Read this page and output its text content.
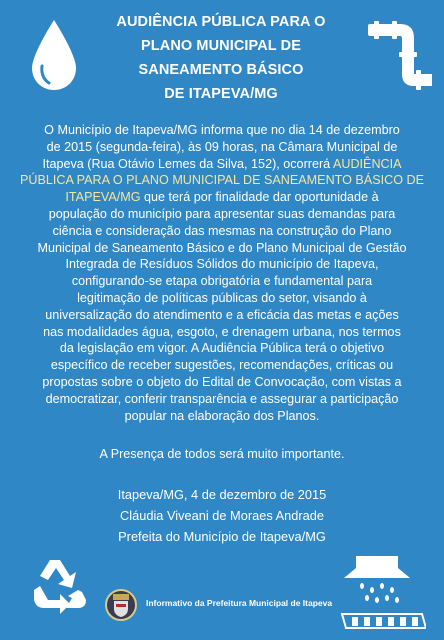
AUDIÊNCIA PÚBLICA PARA O
PLANO MUNICIPAL DE
SANEAMENTO BÁSICO
DE ITAPEVA/MG
O Município de Itapeva/MG informa que no dia 14 de dezembro
de 2015 (segunda-feira), às 09 horas, na Câmara Municipal de
Itapeva (Rua Otávio Lemes da Silva, 152), ocorrerá AUDIÊNCIA
PÚBLICA PARA O PLANO MUNICIPAL DE SANEAMENTO BÁSICO DE
ITAPEVA/MG que terá por finalidade dar oportunidade à
população do município para apresentar suas demandas para
ciência e consideração das mesmas na construção do Plano
Municipal de Saneamento Básico e do Plano Municipal de Gestão
Integrada de Resíduos Sólidos do município de Itapeva,
configurando-se etapa obrigatória e fundamental para
legitimação de políticas públicas do setor, visando à
universalização do atendimento e a eficácia das metas e ações
nas modalidades água, esgoto, e drenagem urbana, nos termos
da legislação em vigor. A Audiência Pública terá o objetivo
específico de receber sugestões, recomendações, críticas ou
propostas sobre o objeto do Edital de Convocação, com vistas a
democratizar, conferir transparência e assegurar a participação
popular na elaboração dos Planos.
A Presença de todos será muito importante.
Itapeva/MG, 4 de dezembro de 2015
Cláudia Viveani de Moraes Andrade
Prefeita do Município de Itapeva/MG
Informativo da Prefeitura Municipal de Itapeva
